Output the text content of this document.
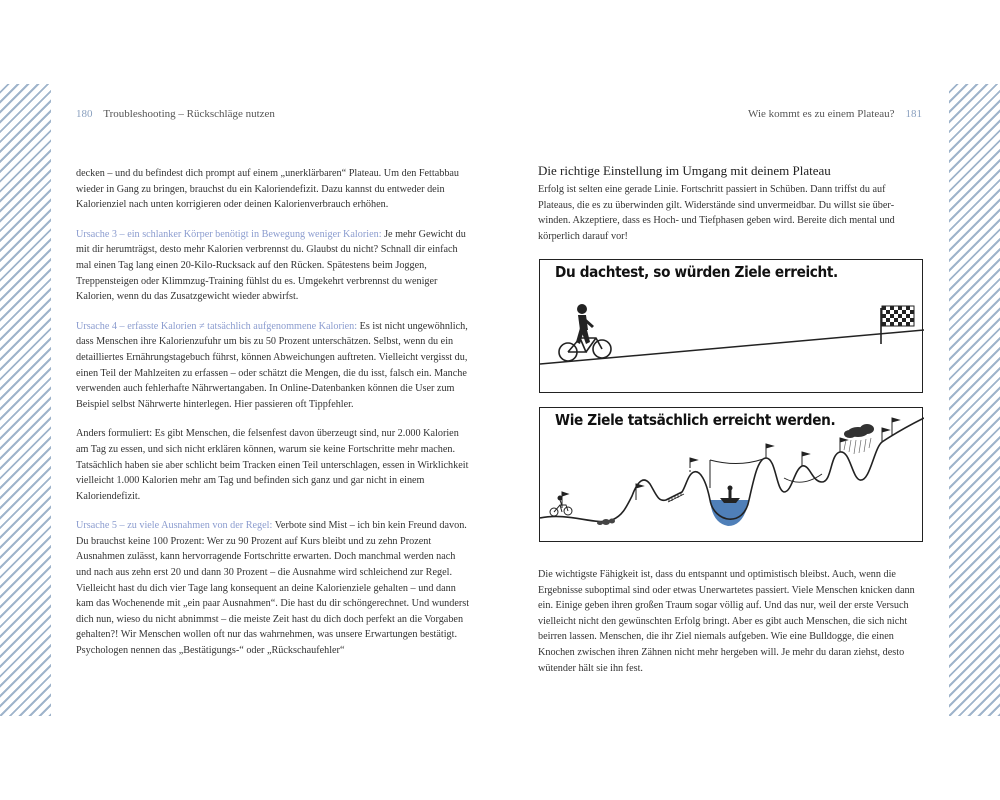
180 Troubleshooting – Rückschläge nutzen	Wie kommt es zu einem Plateau? 181

decken – und du befindest dich prompt auf einem „unerklärbaren“ Plateau. Um den Fettabbau wieder in Gang zu bringen, brauchst du ein Kaloriendefizit. Dazu kannst du entweder dein Kalorienziel nach unten korrigieren oder deinen Kalorienverbrauch erhöhen.

Ursache 3 – ein schlanker Körper benötigt in Bewegung weniger Kalorien: Je mehr Gewicht du mit dir herumträgst, desto mehr Kalorien verbrennst du. Glaubst du nicht? Schnall dir einfach mal einen Tag lang einen 20-Kilo-Rucksack auf den Rücken. Spätestens beim Joggen, Treppensteigen oder Klimmzug-Training fühlst du es. Umgekehrt verbrennst du weniger Kalorien, wenn du das Zusatzgewicht wieder abwirfst.

Ursache 4 – erfasste Kalorien ≠ tatsächlich aufgenommene Kalorien: Es ist nicht ungewöhnlich, dass Menschen ihre Kalorienzufuhr um bis zu 50 Prozent unterschätzen. Selbst, wenn du ein detailliertes Ernährungstagebuch führst, können Abweichungen auftreten. Vielleicht vergisst du, einen Teil der Mahlzeiten zu erfassen – oder schätzt die Mengen, die du isst, falsch ein. Manche verwenden auch fehlerhafte Nährwertangaben. In Online-Datenbanken können die User zum Beispiel selbst Nährwerte hinterlegen. Hier passieren oft Tippfehler.

Anders formuliert: Es gibt Menschen, die felsenfest davon überzeugt sind, nur 2.000 Kalorien am Tag zu essen, und sich nicht erklären können, warum sie keine Fortschritte mehr machen. Tatsächlich haben sie aber schlicht beim Tracken einen Teil unterschlagen, essen in Wirklichkeit vielleicht 1.000 Kalorien mehr am Tag und befinden sich ganz und gar nicht in einem Kaloriendefizit.

Ursache 5 – zu viele Ausnahmen von der Regel: Verbote sind Mist – ich bin kein Freund davon. Du brauchst keine 100 Prozent: Wer zu 90 Prozent auf Kurs bleibt und zu zehn Prozent Ausnahmen zulässt, kann hervorragende Fortschritte erwarten. Doch manchmal werden nach und nach aus zehn erst 20 und dann 30 Prozent – die Ausnahme wird schleichend zur Regel. Vielleicht hast du dich vier Tage lang konsequent an deine Kalorienziele gehalten – und dann kam das Wochenende mit „ein paar Ausnahmen“. Die hast du dir schöngerechnet. Und wunderst dich nun, wieso du nicht abnimmst – die meiste Zeit hast du dich doch perfekt an die Vorgaben gehalten?! Wir Menschen wollen oft nur das wahrnehmen, was unsere Erwartungen bestätigt. Psychologen nennen das „Bestätigungs-“ oder „Rückschaufehler“

Die richtige Einstellung im Umgang mit deinem Plateau

Erfolg ist selten eine gerade Linie. Fortschritt passiert in Schüben. Dann triffst du auf Plateaus, die es zu überwinden gilt. Widerstände sind unvermeidbar. Du willst sie überwinden. Akzeptiere, dass es Hoch- und Tiefphasen geben wird. Bereite dich mental und körperlich darauf vor!

Du dachtest, so würden Ziele erreicht.
Wie Ziele tatsächlich erreicht werden.

Die wichtigste Fähigkeit ist, dass du entspannt und optimistisch bleibst. Auch, wenn die Ergebnisse suboptimal sind oder etwas Unerwartetes passiert. Viele Menschen knicken dann ein. Einige geben ihren großen Traum sogar völlig auf. Und das nur, weil der erste Versuch vielleicht nicht den gewünschten Erfolg bringt. Aber es gibt auch Menschen, die sich nicht beirren lassen. Menschen, die ihr Ziel niemals aufgeben. Wie eine Bulldogge, die einen Knochen zwischen ihren Zähnen nicht mehr hergeben will. Je mehr du daran ziehst, desto wütender hält sie ihn fest.
